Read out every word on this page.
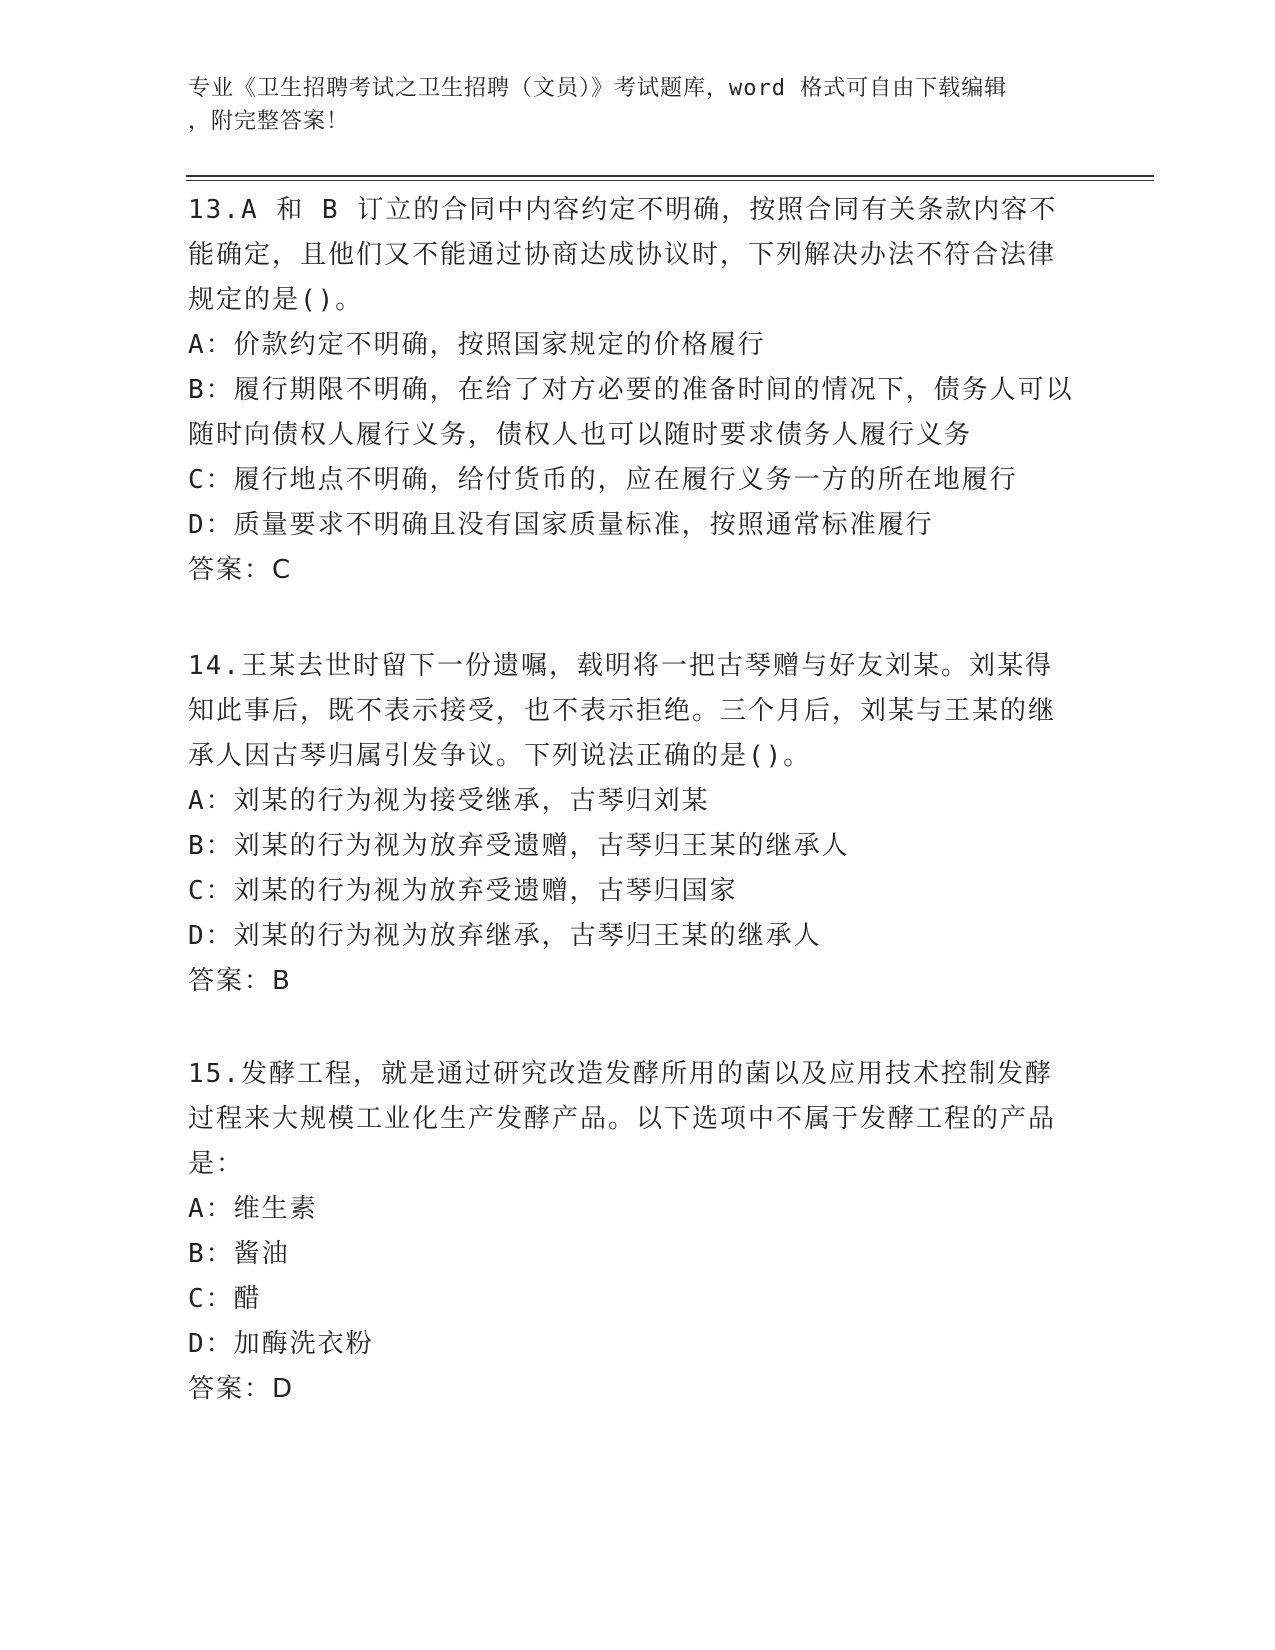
专业《卫生招聘考试之卫生招聘（文员）》考试题库，word 格式可自由下载编辑
，附完整答案！

13.A 和 B 订立的合同中内容约定不明确，按照合同有关条款内容不能确定，且他们又不能通过协商达成协议时，下列解决办法不符合法律规定的是()。

A：价款约定不明确，按照国家规定的价格履行

B：履行期限不明确，在给了对方必要的准备时间的情况下，债务人可以随时向债权人履行义务，债权人也可以随时要求债务人履行义务

C：履行地点不明确，给付货币的，应在履行义务一方的所在地履行

D：质量要求不明确且没有国家质量标准，按照通常标准履行

答案：C

14.王某去世时留下一份遗嘱，载明将一把古琴赠与好友刘某。刘某得知此事后，既不表示接受，也不表示拒绝。三个月后，刘某与王某的继承人因古琴归属引发争议。下列说法正确的是()。

A：刘某的行为视为接受继承，古琴归刘某

B：刘某的行为视为放弃受遗赠，古琴归王某的继承人

C：刘某的行为视为放弃受遗赠，古琴归国家

D：刘某的行为视为放弃继承，古琴归王某的继承人

答案：B

15.发酵工程，就是通过研究改造发酵所用的菌以及应用技术控制发酵过程来大规模工业化生产发酵产品。以下选项中不属于发酵工程的产品是：

A：维生素

B：酱油

C：醋

D：加酶洗衣粉

答案：D
